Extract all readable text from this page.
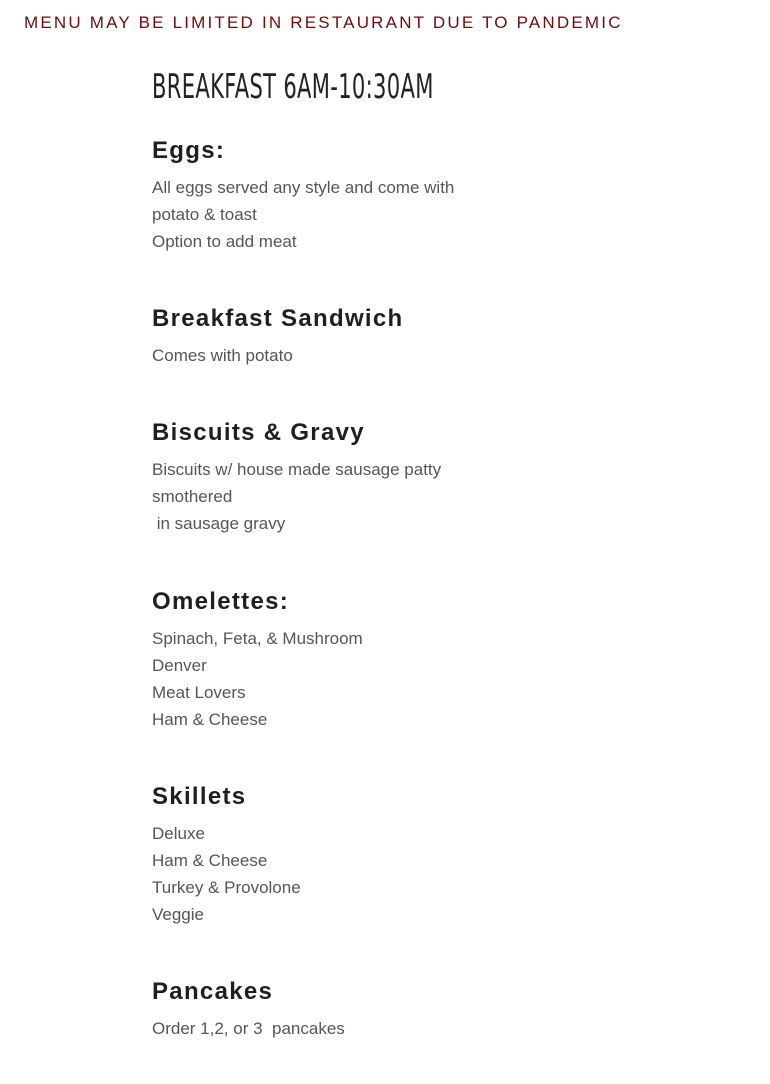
MENU MAY BE LIMITED IN RESTAURANT DUE TO PANDEMIC
BREAKFAST 6AM-10:30AM
Eggs:
All eggs served any style and come with
potato & toast
Option to add meat
Breakfast Sandwich
Comes with potato
Biscuits & Gravy
Biscuits w/ house made sausage patty
smothered
in sausage gravy
Omelettes:
Spinach, Feta, & Mushroom
Denver
Meat Lovers
Ham & Cheese
Skillets
Deluxe
Ham & Cheese
Turkey & Provolone
Veggie
Pancakes
Order 1,2, or 3  pancakes
